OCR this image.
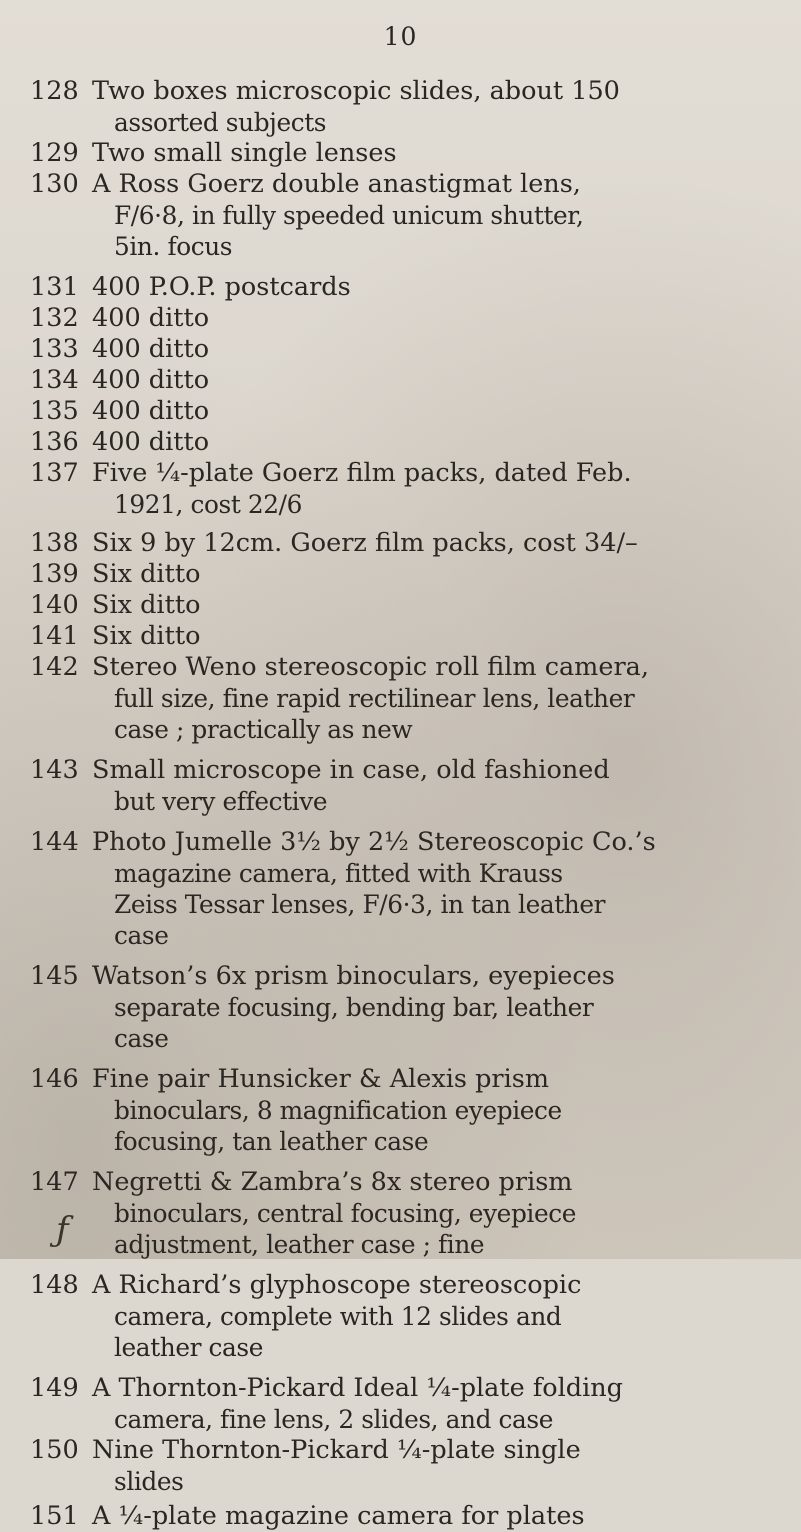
10
128 Two boxes microscopic slides, about 150
assorted subjects
129 Two small single lenses
130 A Ross Goerz double anastigmat lens,
F/6·8, in fully speeded unicum shutter,
5in. focus
131 400 P.O.P. postcards
132 400 ditto
133 400 ditto
134 400 ditto
135 400 ditto
136 400 ditto
137 Five ¼-plate Goerz film packs, dated Feb.
1921, cost 22/6
138 Six 9 by 12cm. Goerz film packs, cost 34/–
139 Six ditto
140 Six ditto
141 Six ditto
142 Stereo Weno stereoscopic roll film camera,
full size, fine rapid rectilinear lens, leather
case ; practically as new
143 Small microscope in case, old fashioned
but very effective
144 Photo Jumelle 3½ by 2½ Stereoscopic Co.’s
magazine camera, fitted with Krauss
Zeiss Tessar lenses, F/6·3, in tan leather
case
145 Watson’s 6x prism binoculars, eyepieces
separate focusing, bending bar, leather
case
146 Fine pair Hunsicker & Alexis prism
binoculars, 8 magnification eyepiece
focusing, tan leather case
147 Negretti & Zambra’s 8x stereo prism
binoculars, central focusing, eyepiece
adjustment, leather case ; fine
148 A Richard’s glyphoscope stereoscopic
camera, complete with 12 slides and
leather case
149 A Thornton-Pickard Ideal ¼-plate folding
camera, fine lens, 2 slides, and case
150 Nine Thornton-Pickard ¼-plate single
slides
151 A ¼-plate magazine camera for plates
ƒ
